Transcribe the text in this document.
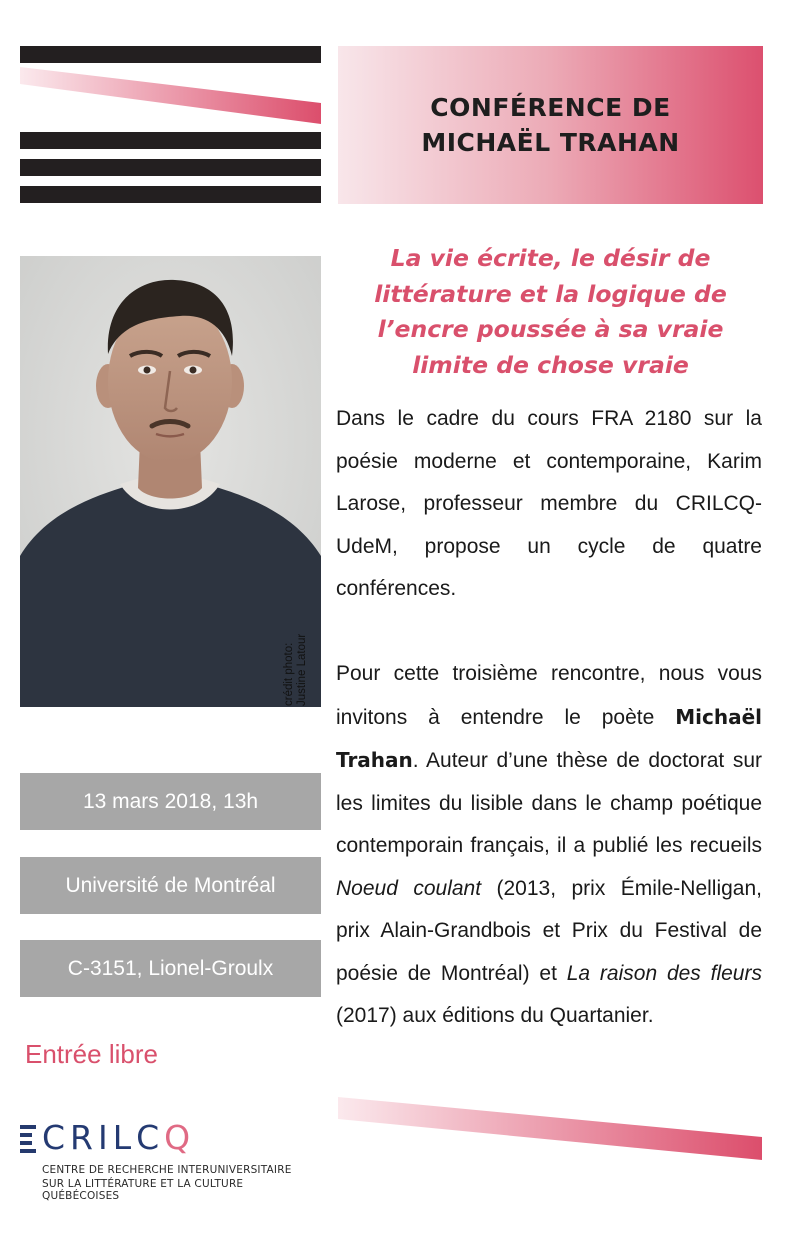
CONFÉRENCE DE
MICHAËL TRAHAN
crédit photo: Justine Latour
La vie écrite, le désir de
littérature et la logique de
l’encre poussée à sa vraie
limite de chose vraie
Dans le cadre du cours FRA 2180 sur la poésie moderne et contemporaine, Karim Larose, professeur membre du CRILCQ-UdeM, propose un cycle de quatre conférences.
Pour cette troisième rencontre, nous vous invitons à entendre le poète Michaël Trahan. Auteur d’une thèse de doctorat sur les limites du lisible dans le champ poétique contemporain français, il a publié les recueils Noeud coulant (2013, prix Émile-Nelligan, prix Alain-Grandbois et Prix du Festival de poésie de Montréal) et La raison des fleurs (2017) aux éditions du Quartanier.
13 mars 2018, 13h
Université de Montréal
C-3151, Lionel-Groulx
Entrée libre
CRILCQ
CENTRE DE RECHERCHE INTERUNIVERSITAIRE
SUR LA LITTÉRATURE ET LA CULTURE QUÉBÉCOISES
